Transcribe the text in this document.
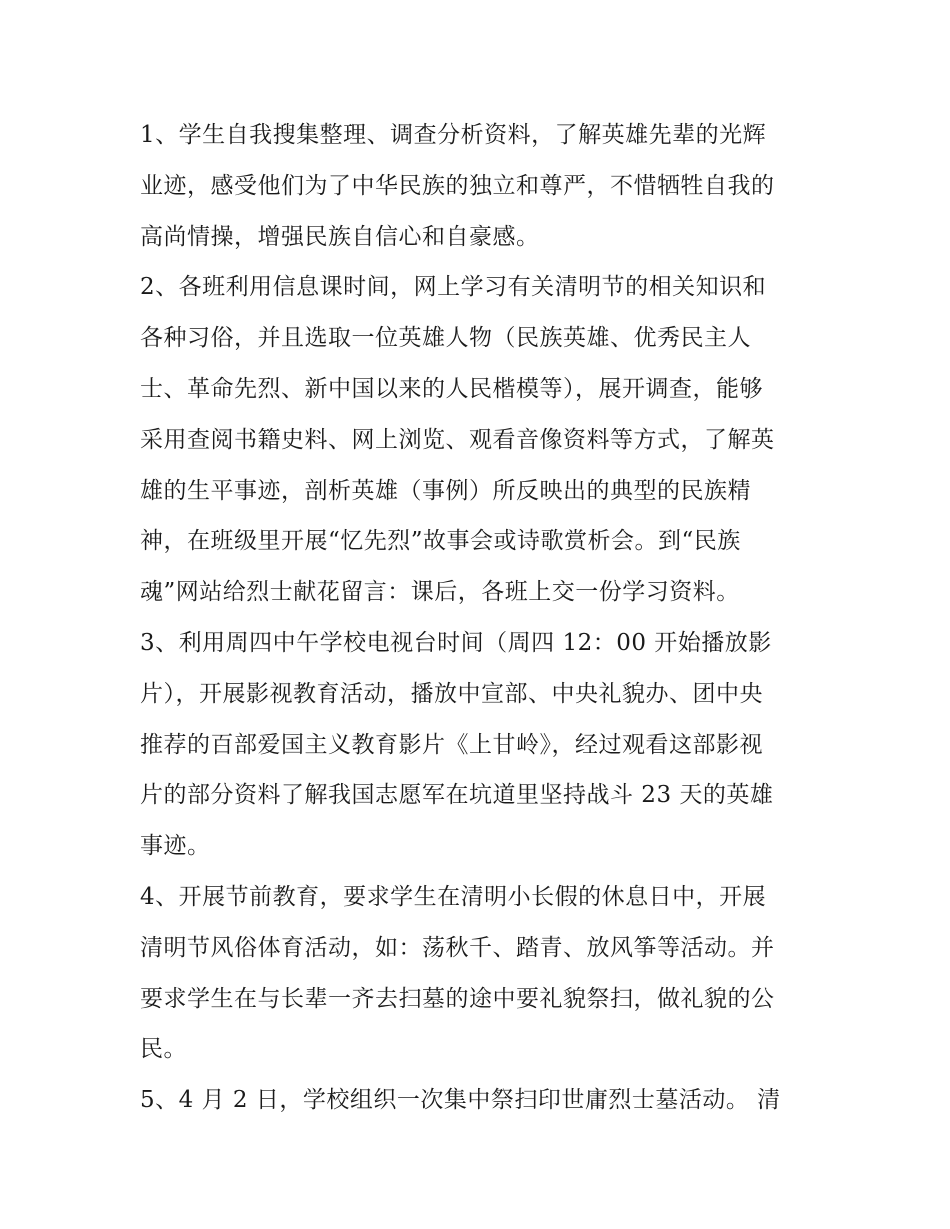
1、学生自我搜集整理、调查分析资料，了解英雄先辈的光辉
业迹，感受他们为了中华民族的独立和尊严，不惜牺牲自我的
高尚情操，增强民族自信心和自豪感。
2、各班利用信息课时间，网上学习有关清明节的相关知识和
各种习俗，并且选取一位英雄人物（民族英雄、优秀民主人
士、革命先烈、新中国以来的人民楷模等），展开调查，能够
采用查阅书籍史料、网上浏览、观看音像资料等方式，了解英
雄的生平事迹，剖析英雄（事例）所反映出的典型的民族精
神，在班级里开展“忆先烈”故事会或诗歌赏析会。到“民族
魂”网站给烈士献花留言：课后，各班上交一份学习资料。
3、利用周四中午学校电视台时间（周四 12：00 开始播放影
片），开展影视教育活动，播放中宣部、中央礼貌办、团中央
推荐的百部爱国主义教育影片《上甘岭》，经过观看这部影视
片的部分资料了解我国志愿军在坑道里坚持战斗 23 天的英雄
事迹。
4、开展节前教育，要求学生在清明小长假的休息日中，开展
清明节风俗体育活动，如：荡秋千、踏青、放风筝等活动。并
要求学生在与长辈一齐去扫墓的途中要礼貌祭扫，做礼貌的公
民。
5、4 月 2 日，学校组织一次集中祭扫印世庸烈士墓活动。 清
